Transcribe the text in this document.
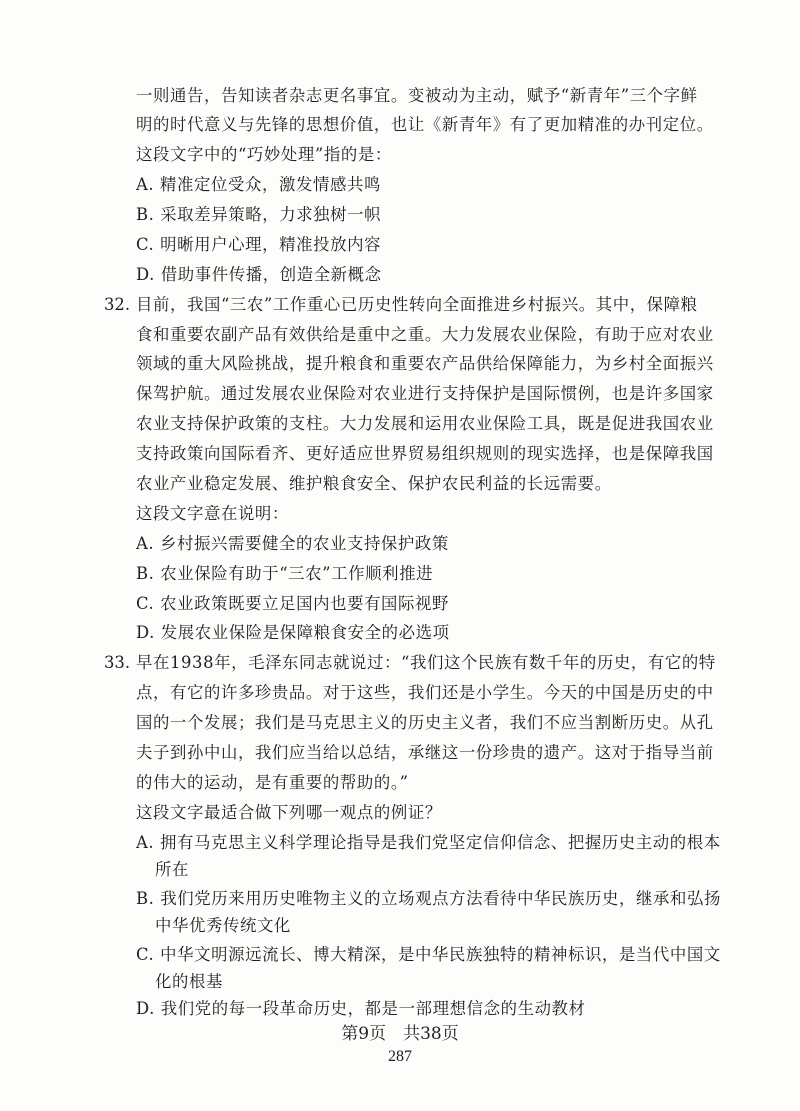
一则通告，告知读者杂志更名事宜。变被动为主动，赋予“新青年”三个字鲜
明的时代意义与先锋的思想价值，也让《新青年》有了更加精准的办刊定位。
这段文字中的“巧妙处理”指的是：
A. 精准定位受众，激发情感共鸣
B. 采取差异策略，力求独树一帜
C. 明晰用户心理，精准投放内容
D. 借助事件传播，创造全新概念
32. 目前，我国“三农”工作重心已历史性转向全面推进乡村振兴。其中，保障粮
食和重要农副产品有效供给是重中之重。大力发展农业保险，有助于应对农业
领域的重大风险挑战，提升粮食和重要农产品供给保障能力，为乡村全面振兴
保驾护航。通过发展农业保险对农业进行支持保护是国际惯例，也是许多国家
农业支持保护政策的支柱。大力发展和运用农业保险工具，既是促进我国农业
支持政策向国际看齐、更好适应世界贸易组织规则的现实选择，也是保障我国
农业产业稳定发展、维护粮食安全、保护农民利益的长远需要。
这段文字意在说明：
A. 乡村振兴需要健全的农业支持保护政策
B. 农业保险有助于“三农”工作顺利推进
C. 农业政策既要立足国内也要有国际视野
D. 发展农业保险是保障粮食安全的必选项
33. 早在1938年，毛泽东同志就说过：“我们这个民族有数千年的历史，有它的特
点，有它的许多珍贵品。对于这些，我们还是小学生。今天的中国是历史的中
国的一个发展；我们是马克思主义的历史主义者，我们不应当割断历史。从孔
夫子到孙中山，我们应当给以总结，承继这一份珍贵的遗产。这对于指导当前
的伟大的运动，是有重要的帮助的。”
这段文字最适合做下列哪一观点的例证？
A. 拥有马克思主义科学理论指导是我们党坚定信仰信念、把握历史主动的根本
所在
B. 我们党历来用历史唯物主义的立场观点方法看待中华民族历史，继承和弘扬
中华优秀传统文化
C. 中华文明源远流长、博大精深，是中华民族独特的精神标识，是当代中国文
化的根基
第9页　共38页
287
D. 我们党的每一段革命历史，都是一部理想信念的生动教材
